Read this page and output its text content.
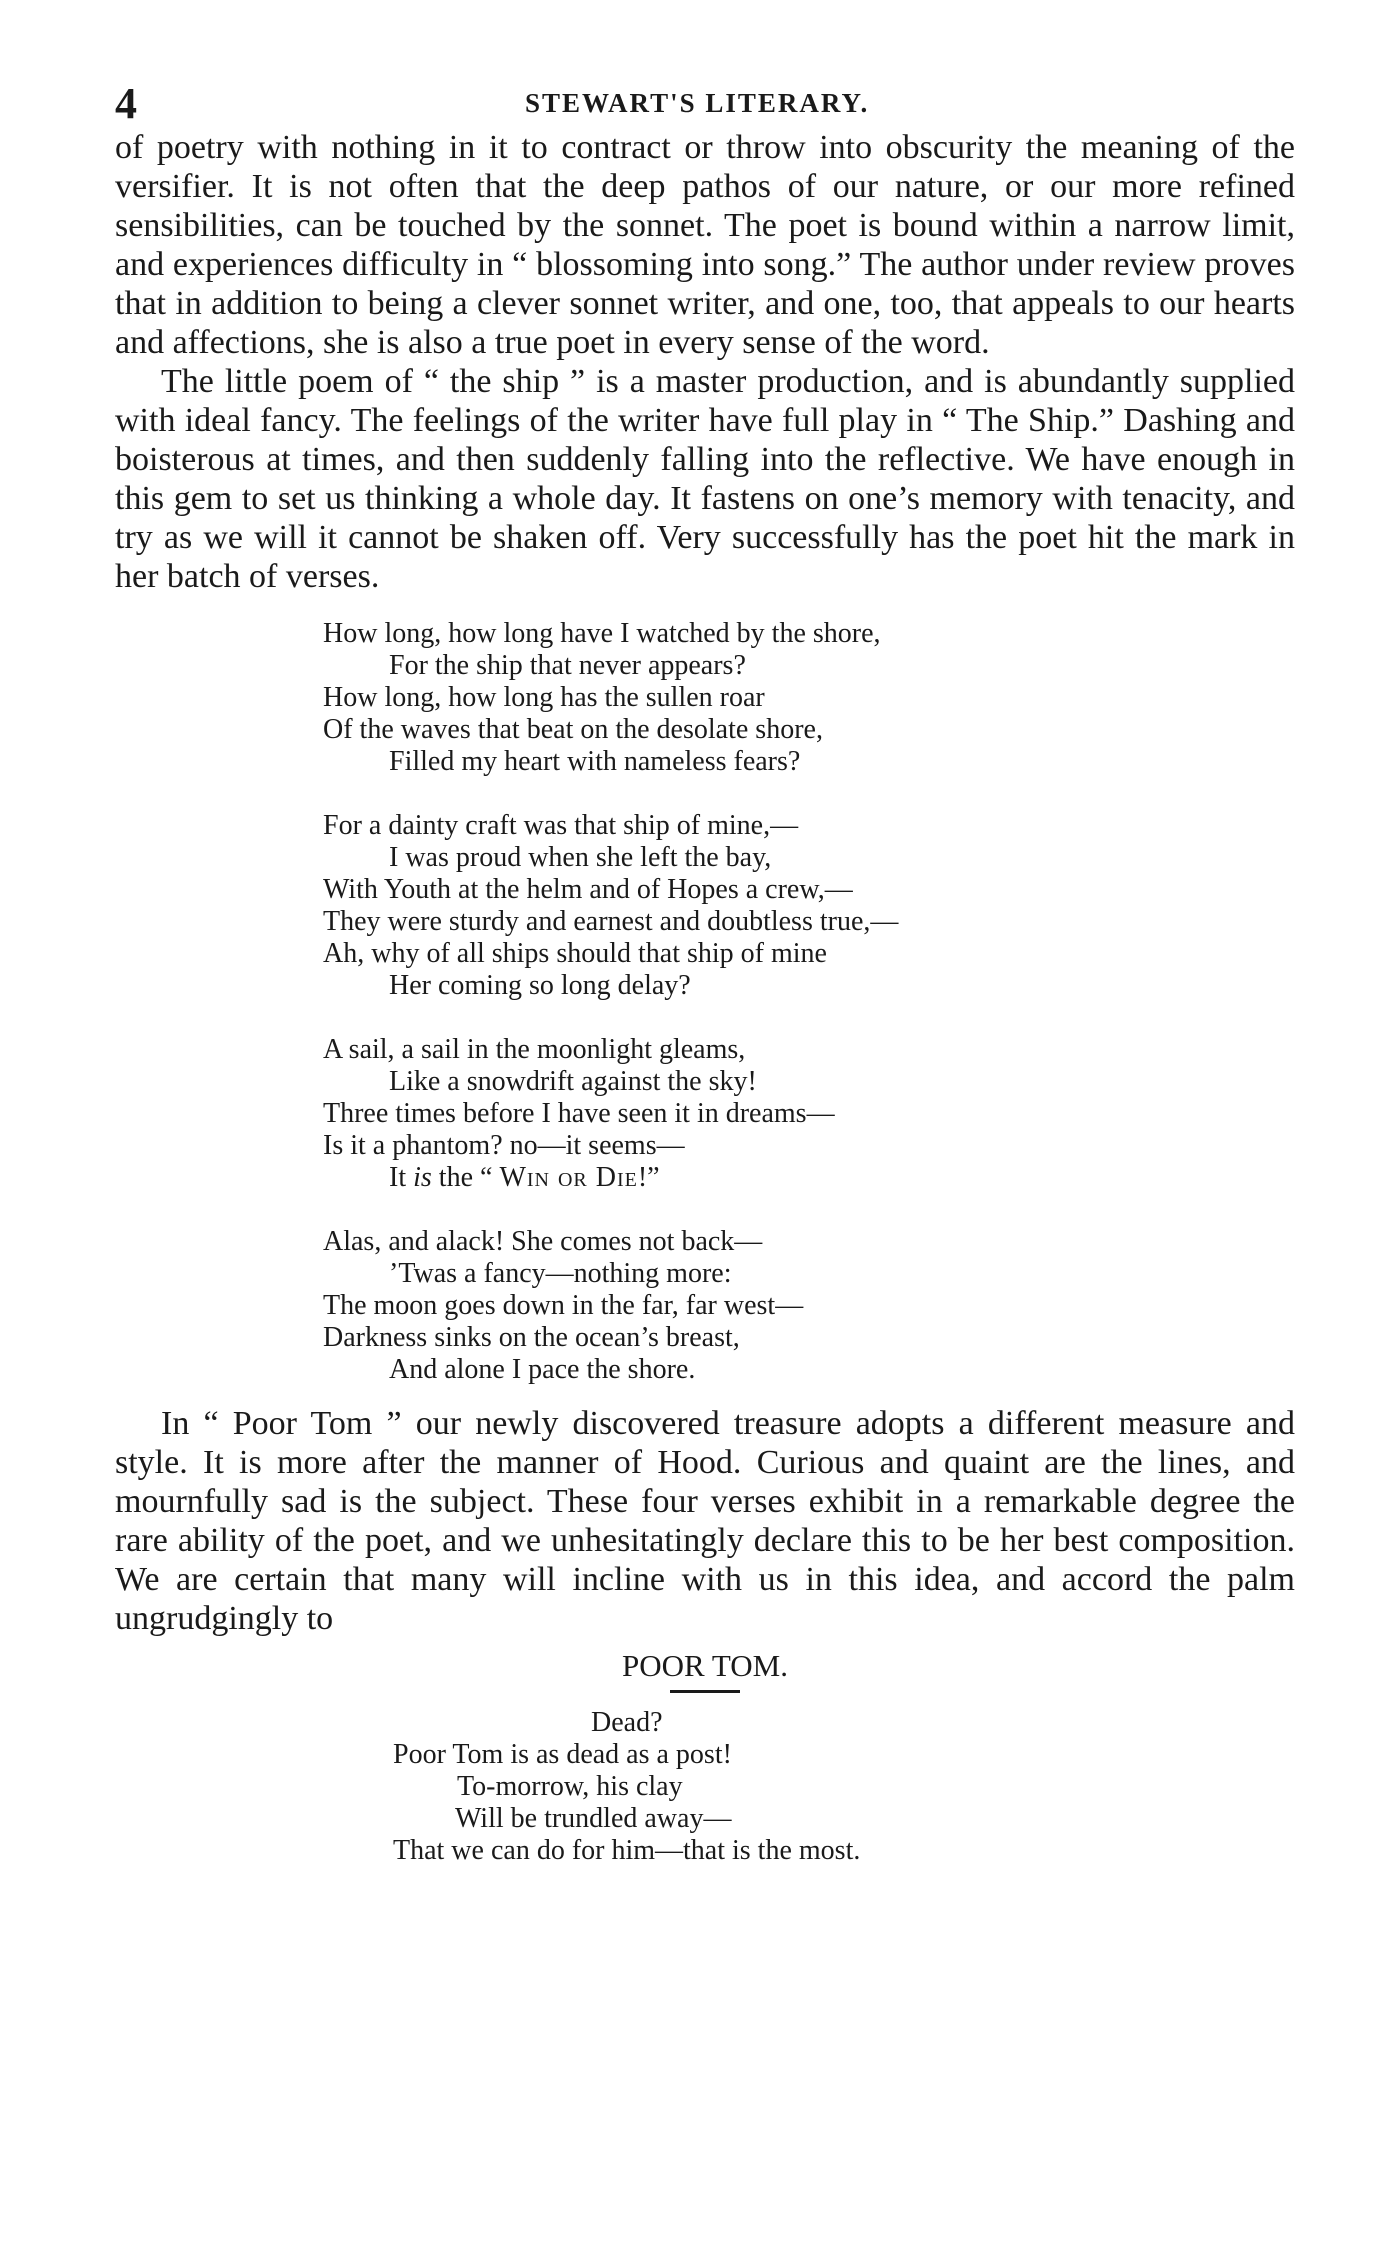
4	STEWART'S LITERARY.

of poetry with nothing in it to contract or throw into obscurity the meaning of the versifier. It is not often that the deep pathos of our nature, or our more refined sensibilities, can be touched by the sonnet. The poet is bound within a narrow limit, and experiences difficulty in “ blossoming into song.” The author under review proves that in addition to being a clever sonnet writer, and one, too, that appeals to our hearts and affections, she is also a true poet in every sense of the word.

The little poem of “ the ship ” is a master production, and is abundantly supplied with ideal fancy. The feelings of the writer have full play in “ The Ship.” Dashing and boisterous at times, and then suddenly falling into the reflective. We have enough in this gem to set us thinking a whole day. It fastens on one’s memory with tenacity, and try as we will it cannot be shaken off. Very successfully has the poet hit the mark in her batch of verses.

How long, how long have I watched by the shore,
For the ship that never appears?
How long, how long has the sullen roar
Of the waves that beat on the desolate shore,
Filled my heart with nameless fears?
For a dainty craft was that ship of mine,—
I was proud when she left the bay,
With Youth at the helm and of Hopes a crew,—
They were sturdy and earnest and doubtless true,—
Ah, why of all ships should that ship of mine
Her coming so long delay?
A sail, a sail in the moonlight gleams,
Like a snowdrift against the sky!
Three times before I have seen it in dreams—
Is it a phantom? no—it seems—
It is the “ Win or Die!”
Alas, and alack! She comes not back—
’Twas a fancy—nothing more:
The moon goes down in the far, far west—
Darkness sinks on the ocean’s breast,
And alone I pace the shore.

In “ Poor Tom ” our newly discovered treasure adopts a different measure and style. It is more after the manner of Hood. Curious and quaint are the lines, and mournfully sad is the subject. These four verses exhibit in a remarkable degree the rare ability of the poet, and we unhesitatingly declare this to be her best composition. We are certain that many will incline with us in this idea, and accord the palm ungrudgingly to

POOR TOM.
Dead?
Poor Tom is as dead as a post!
To-morrow, his clay
Will be trundled away—
That we can do for him—that is the most.
